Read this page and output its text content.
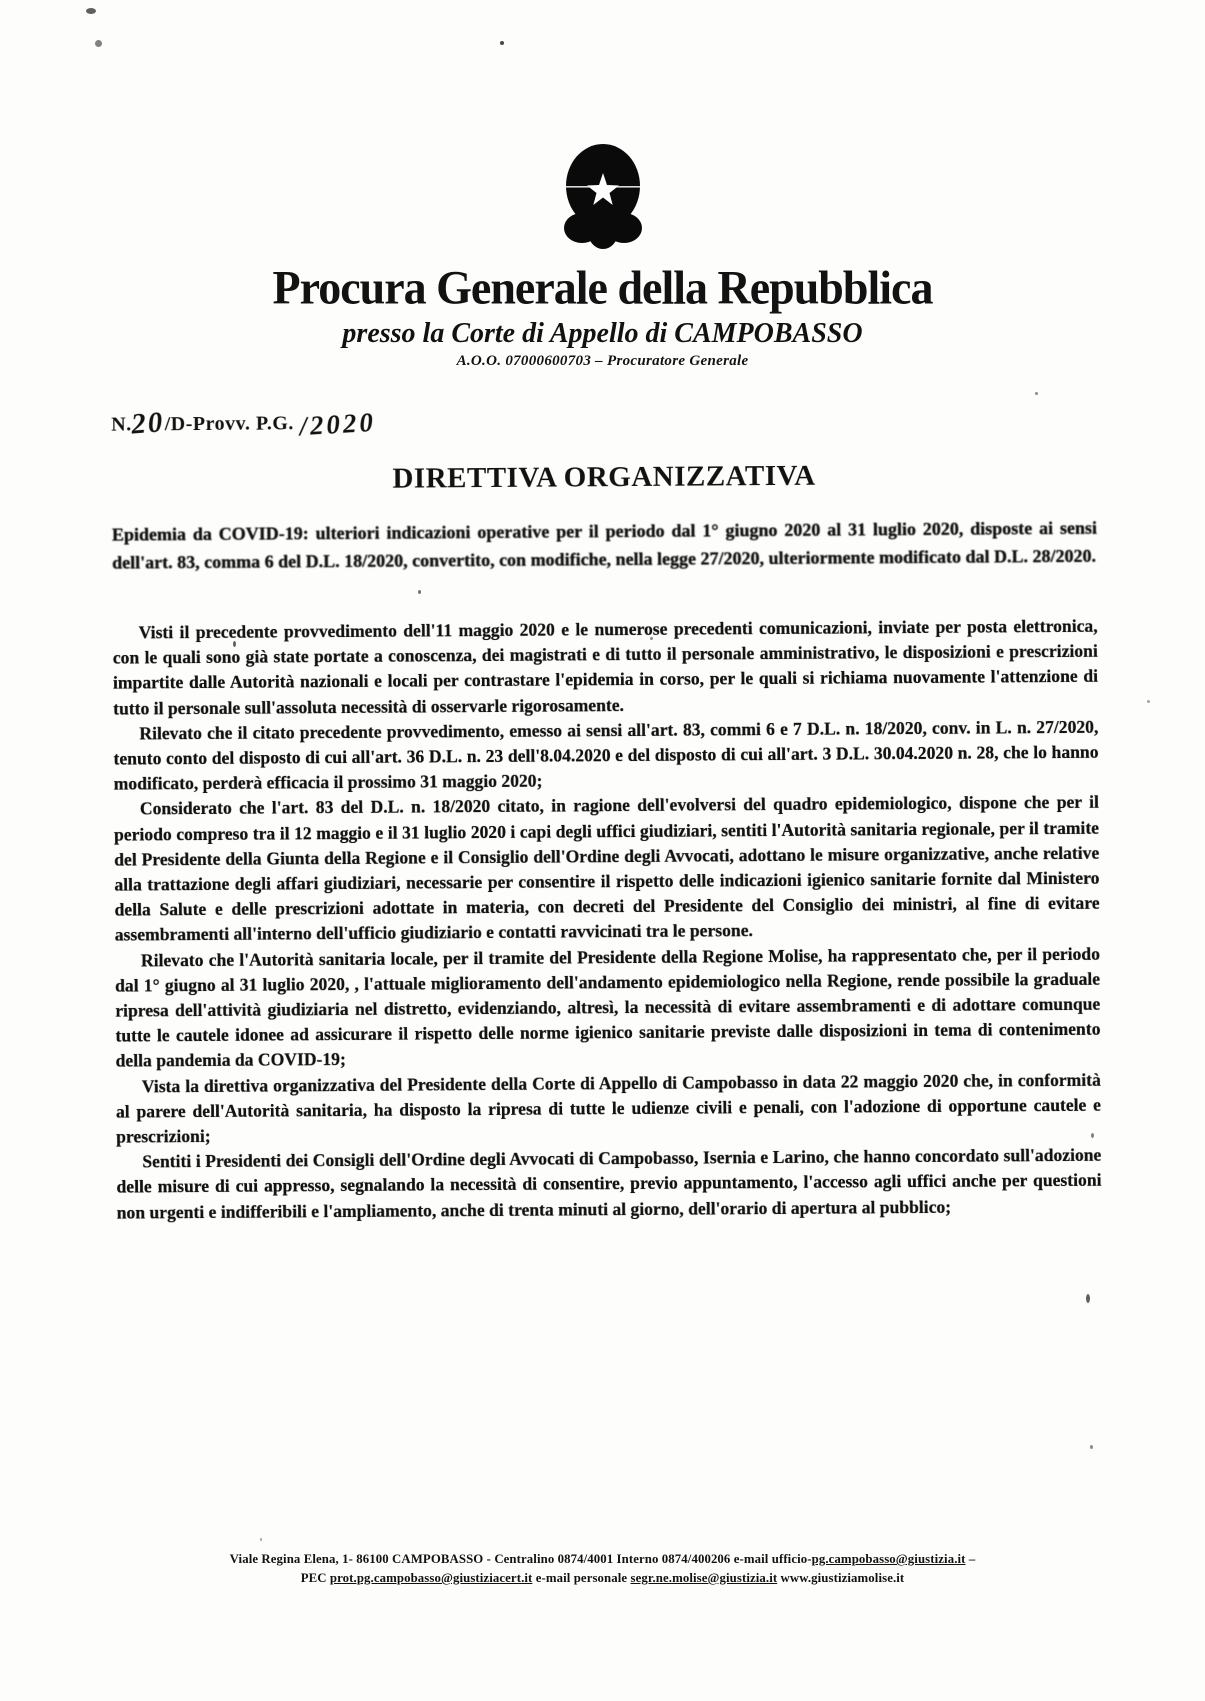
Procura Generale della Repubblica
presso la Corte di Appello di CAMPOBASSO
A.O.O. 07000600703 – Procuratore Generale
N.20/D-Provv. P.G. /2020
DIRETTIVA ORGANIZZATIVA

Epidemia da COVID-19: ulteriori indicazioni operative per il periodo dal 1° giugno 2020 al 31 luglio 2020, disposte ai sensi dell'art. 83, comma 6 del D.L. 18/2020, convertito, con modifiche, nella legge 27/2020, ulteriormente modificato dal D.L. 28/2020.

Visti il precedente provvedimento dell'11 maggio 2020 e le numerose precedenti comunicazioni, inviate per posta elettronica, con le quali sono già state portate a conoscenza, dei magistrati e di tutto il personale amministrativo, le disposizioni e prescrizioni impartite dalle Autorità nazionali e locali per contrastare l'epidemia in corso, per le quali si richiama nuovamente l'attenzione di tutto il personale sull'assoluta necessità di osservarle rigorosamente.

Rilevato che il citato precedente provvedimento, emesso ai sensi all'art. 83, commi 6 e 7 D.L. n. 18/2020, conv. in L. n. 27/2020, tenuto conto del disposto di cui all'art. 36 D.L. n. 23 dell'8.04.2020 e del disposto di cui all'art. 3 D.L. 30.04.2020 n. 28, che lo hanno modificato, perderà efficacia il prossimo 31 maggio 2020;

Considerato che l'art. 83 del D.L. n. 18/2020 citato, in ragione dell'evolversi del quadro epidemiologico, dispone che per il periodo compreso tra il 12 maggio e il 31 luglio 2020 i capi degli uffici giudiziari, sentiti l'Autorità sanitaria regionale, per il tramite del Presidente della Giunta della Regione e il Consiglio dell'Ordine degli Avvocati, adottano le misure organizzative, anche relative alla trattazione degli affari giudiziari, necessarie per consentire il rispetto delle indicazioni igienico sanitarie fornite dal Ministero della Salute e delle prescrizioni adottate in materia, con decreti del Presidente del Consiglio dei ministri, al fine di evitare assembramenti all'interno dell'ufficio giudiziario e contatti ravvicinati tra le persone.

Rilevato che l'Autorità sanitaria locale, per il tramite del Presidente della Regione Molise, ha rappresentato che, per il periodo dal 1° giugno al 31 luglio 2020, , l'attuale miglioramento dell'andamento epidemiologico nella Regione, rende possibile la graduale ripresa dell'attività giudiziaria nel distretto, evidenziando, altresì, la necessità di evitare assembramenti e di adottare comunque tutte le cautele idonee ad assicurare il rispetto delle norme igienico sanitarie previste dalle disposizioni in tema di contenimento della pandemia da COVID-19;

Vista la direttiva organizzativa del Presidente della Corte di Appello di Campobasso in data 22 maggio 2020 che, in conformità al parere dell'Autorità sanitaria, ha disposto la ripresa di tutte le udienze civili e penali, con l'adozione di opportune cautele e prescrizioni;

Sentiti i Presidenti dei Consigli dell'Ordine degli Avvocati di Campobasso, Isernia e Larino, che hanno concordato sull'adozione delle misure di cui appresso, segnalando la necessità di consentire, previo appuntamento, l'accesso agli uffici anche per questioni non urgenti e indifferibili e l'ampliamento, anche di trenta minuti al giorno, dell'orario di apertura al pubblico;

Viale Regina Elena, 1- 86100 CAMPOBASSO - Centralino 0874/4001 Interno 0874/400206 e-mail ufficio-pg.campobasso@giustizia.it –
PEC prot.pg.campobasso@giustiziacert.it e-mail personale segr.ne.molise@giustizia.it www.giustiziamolise.it
